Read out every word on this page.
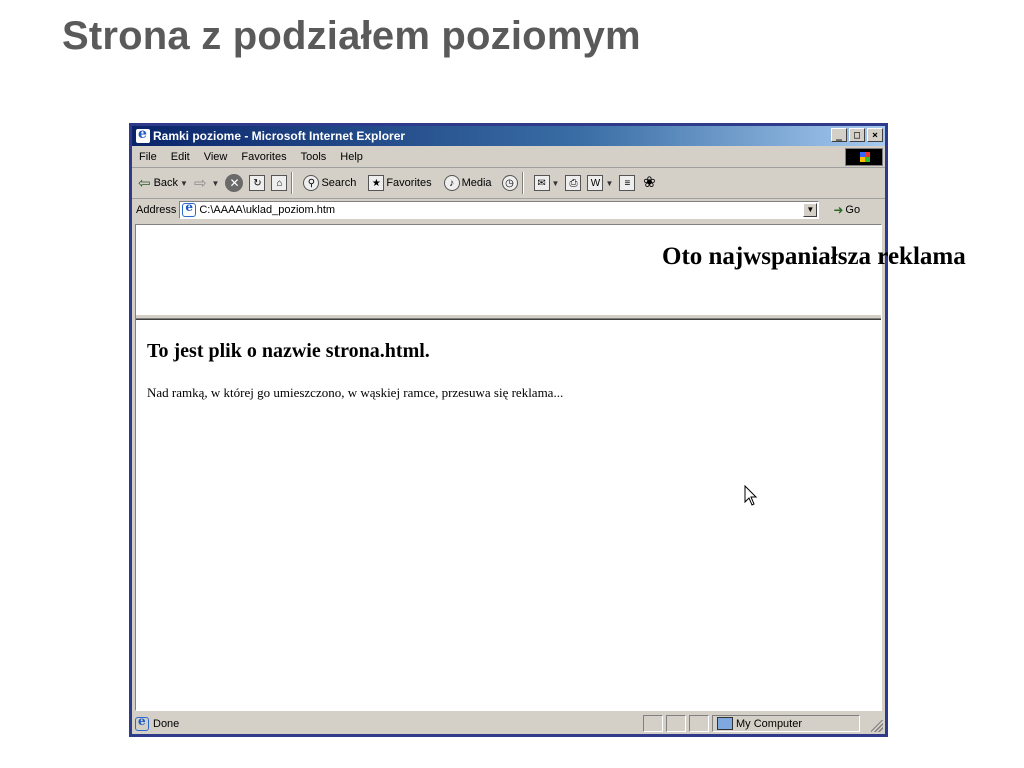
Strona z podziałem poziomym
e
Ramki poziome - Microsoft Internet Explorer	_	□	×
File	Edit	View	Favorites	Tools	Help
⇦ Back ▼ ⇨ ▼ ✕	↻	⌂	⚲ Search	★ Favorites	♪ Media	◷	✉ ▼	⎙	W ▼	≡ ❀
Address
e C:\AAAA\uklad_poziom.htm	▼ ➜ Go
Oto najwspaniałsza reklama
To jest plik o nazwie strona.html.
Nad ramką, w której go umieszczono, w wąskiej ramce, przesuwa się reklama...
e
Done	My Computer
